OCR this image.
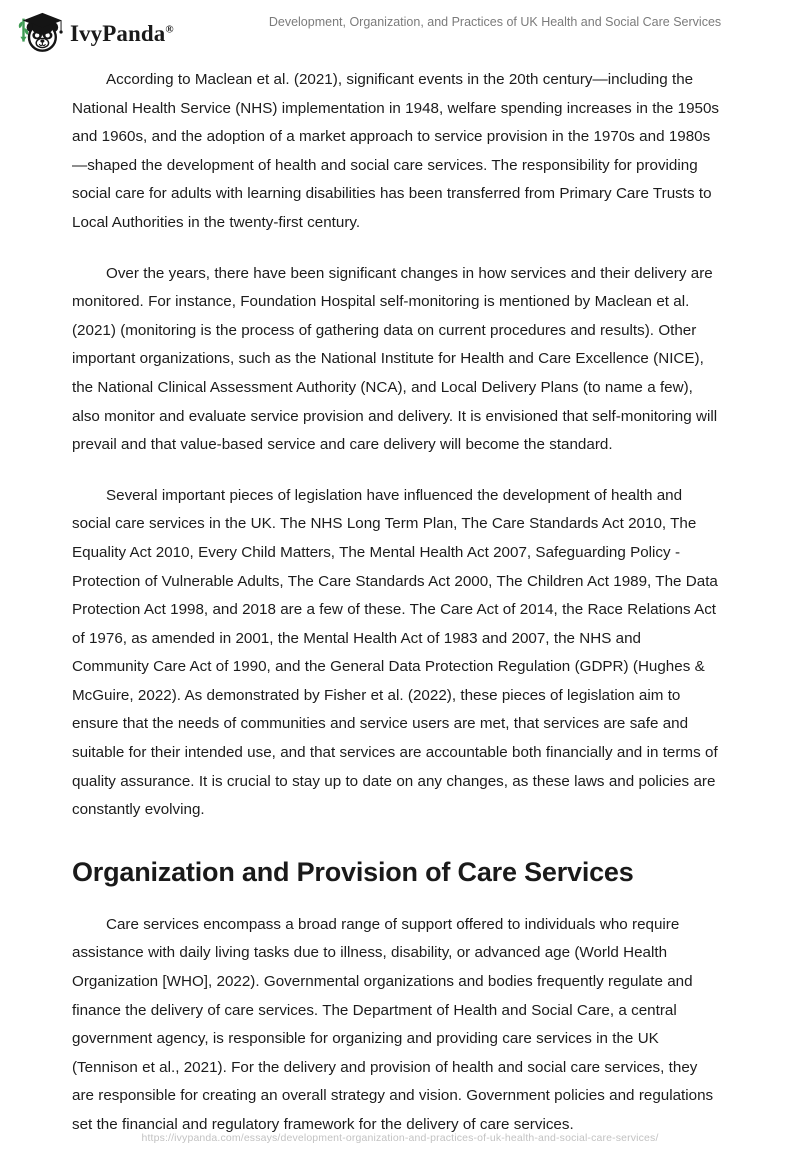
IvyPanda®	Development, Organization, and Practices of UK Health and Social Care Services

According to Maclean et al. (2021), significant events in the 20th century—including the National Health Service (NHS) implementation in 1948, welfare spending increases in the 1950s and 1960s, and the adoption of a market approach to service provision in the 1970s and 1980s—shaped the development of health and social care services. The responsibility for providing social care for adults with learning disabilities has been transferred from Primary Care Trusts to Local Authorities in the twenty-first century.

Over the years, there have been significant changes in how services and their delivery are monitored. For instance, Foundation Hospital self-monitoring is mentioned by Maclean et al. (2021) (monitoring is the process of gathering data on current procedures and results). Other important organizations, such as the National Institute for Health and Care Excellence (NICE), the National Clinical Assessment Authority (NCA), and Local Delivery Plans (to name a few), also monitor and evaluate service provision and delivery. It is envisioned that self-monitoring will prevail and that value-based service and care delivery will become the standard.

Several important pieces of legislation have influenced the development of health and social care services in the UK. The NHS Long Term Plan, The Care Standards Act 2010, The Equality Act 2010, Every Child Matters, The Mental Health Act 2007, Safeguarding Policy - Protection of Vulnerable Adults, The Care Standards Act 2000, The Children Act 1989, The Data Protection Act 1998, and 2018 are a few of these. The Care Act of 2014, the Race Relations Act of 1976, as amended in 2001, the Mental Health Act of 1983 and 2007, the NHS and Community Care Act of 1990, and the General Data Protection Regulation (GDPR) (Hughes & McGuire, 2022). As demonstrated by Fisher et al. (2022), these pieces of legislation aim to ensure that the needs of communities and service users are met, that services are safe and suitable for their intended use, and that services are accountable both financially and in terms of quality assurance. It is crucial to stay up to date on any changes, as these laws and policies are constantly evolving.

Organization and Provision of Care Services

Care services encompass a broad range of support offered to individuals who require assistance with daily living tasks due to illness, disability, or advanced age (World Health Organization [WHO], 2022). Governmental organizations and bodies frequently regulate and finance the delivery of care services. The Department of Health and Social Care, a central government agency, is responsible for organizing and providing care services in the UK (Tennison et al., 2021). For the delivery and provision of health and social care services, they are responsible for creating an overall strategy and vision. Government policies and regulations set the financial and regulatory framework for the delivery of care services.

https://ivypanda.com/essays/development-organization-and-practices-of-uk-health-and-social-care-services/
